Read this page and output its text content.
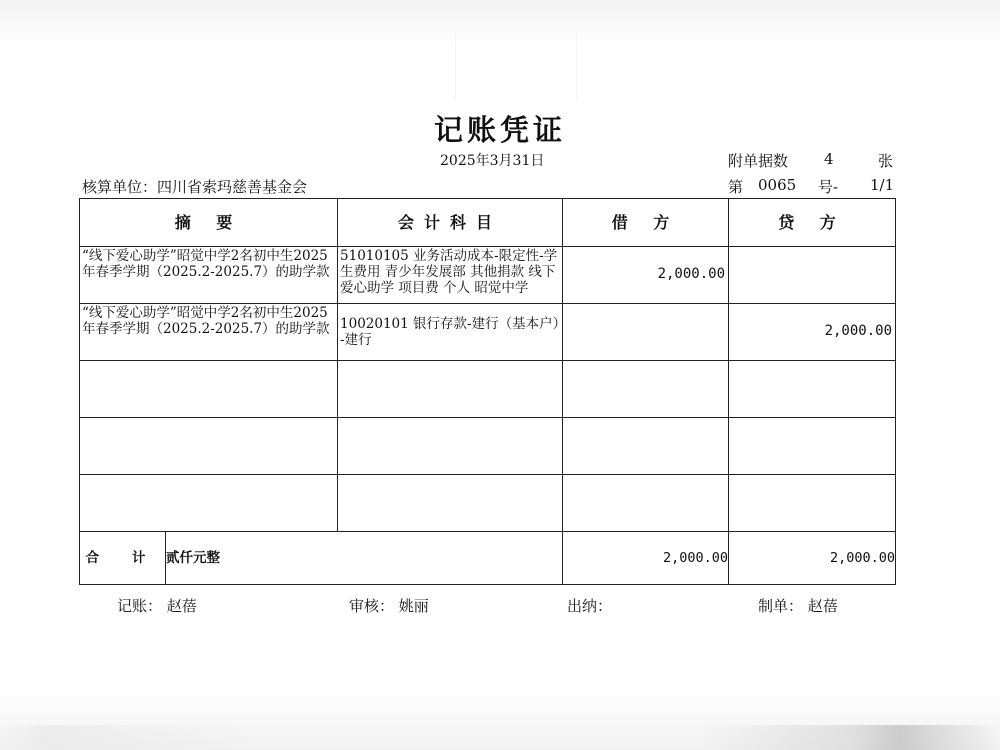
记账凭证
2025年3月31日	附单据数 4	张
核算单位：四川省索玛慈善基金会	第 0065 号- 1/1
摘 要		会计科目	借 方	贷 方

“线下爱心助学”昭觉中学2名初中生2025年春季学期（2025.2-2025.7）的助学款		51010105 业务活动成本-限定性-学生费用 青少年发展部 其他捐款 线下爱心助学 项目费 个人 昭觉中学	2,000.00	

“线下爱心助学”昭觉中学2名初中生2025年春季学期（2025.2-2025.7）的助学款		10020101 银行存款-建行（基本户）-建行		2,000.00

合 计	贰仟元整		2,000.00	2,000.00
记账： 赵蓓	审核： 姚丽	出纳：	制单： 赵蓓
